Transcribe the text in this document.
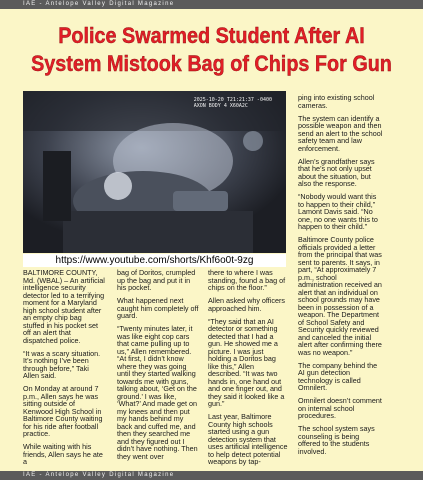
IAE - Antelope Valley Digital Magazine
Police Swarmed Student After AI
System Mistook Bag of Chips For Gun
2025-10-20 T21:21:37 -0400
AXON BODY 4 X60A2C
https://www.youtube.com/shorts/Khf6o0t-9zg

BALTIMORE COUNTY, Md. (WBAL) – An artificial intelligence security detector led to a terrifying moment for a Maryland high school student after an empty chip bag stuffed in his pocket set off an alert that dispatched police.

“It was a scary situation. It’s nothing I’ve been through before,” Taki Allen said.

On Monday at around 7 p.m., Allen says he was sitting outside of Kenwood High School in Baltimore County waiting for his ride after football practice.

While waiting with his friends, Allen says he ate a

bag of Doritos, crumpled up the bag and put it in his pocket.

What happened next caught him completely off guard.

“Twenty minutes later, it was like eight cop cars that came pulling up to us,” Allen remembered. “At first, I didn’t know where they was going until they started walking towards me with guns, talking about, ‘Get on the ground.’ I was like, ‘What?’ And made get on my knees and then put my hands behind my back and cuffed me, and then they searched me and they figured out I didn’t have nothing. Then they went over

there to where I was standing, found a bag of chips on the floor.”

Allen asked why officers approached him.

“They said that an AI detector or something detected that I had a gun. He showed me a picture. I was just holding a Doritos bag like this,” Allen described. “It was two hands in, one hand out and one finger out, and they said it looked like a gun.”

Last year, Baltimore County high schools started using a gun detection system that uses artificial intelligence to help detect potential weapons by tap-

ping into existing school cameras.

The system can identify a possible weapon and then send an alert to the school safety team and law enforcement.

Allen’s grandfather says that he’s not only upset about the situation, but also the response.

“Nobody would want this to happen to their child,” Lamont Davis said. “No one, no one wants this to happen to their child.”

Baltimore County police officials provided a letter from the principal that was sent to parents. It says, in part, “At approximately 7 p.m., school administration received an alert that an individual on school grounds may have been in possession of a weapon. The Department of School Safety and Security quickly reviewed and canceled the initial alert after confirming there was no weapon.”

The company behind the AI gun detection technology is called Omnilert.

Omnilert doesn’t comment on internal school procedures.

The school system says counseling is being offered to the students involved.

IAE - Antelope Valley Digital Magazine
